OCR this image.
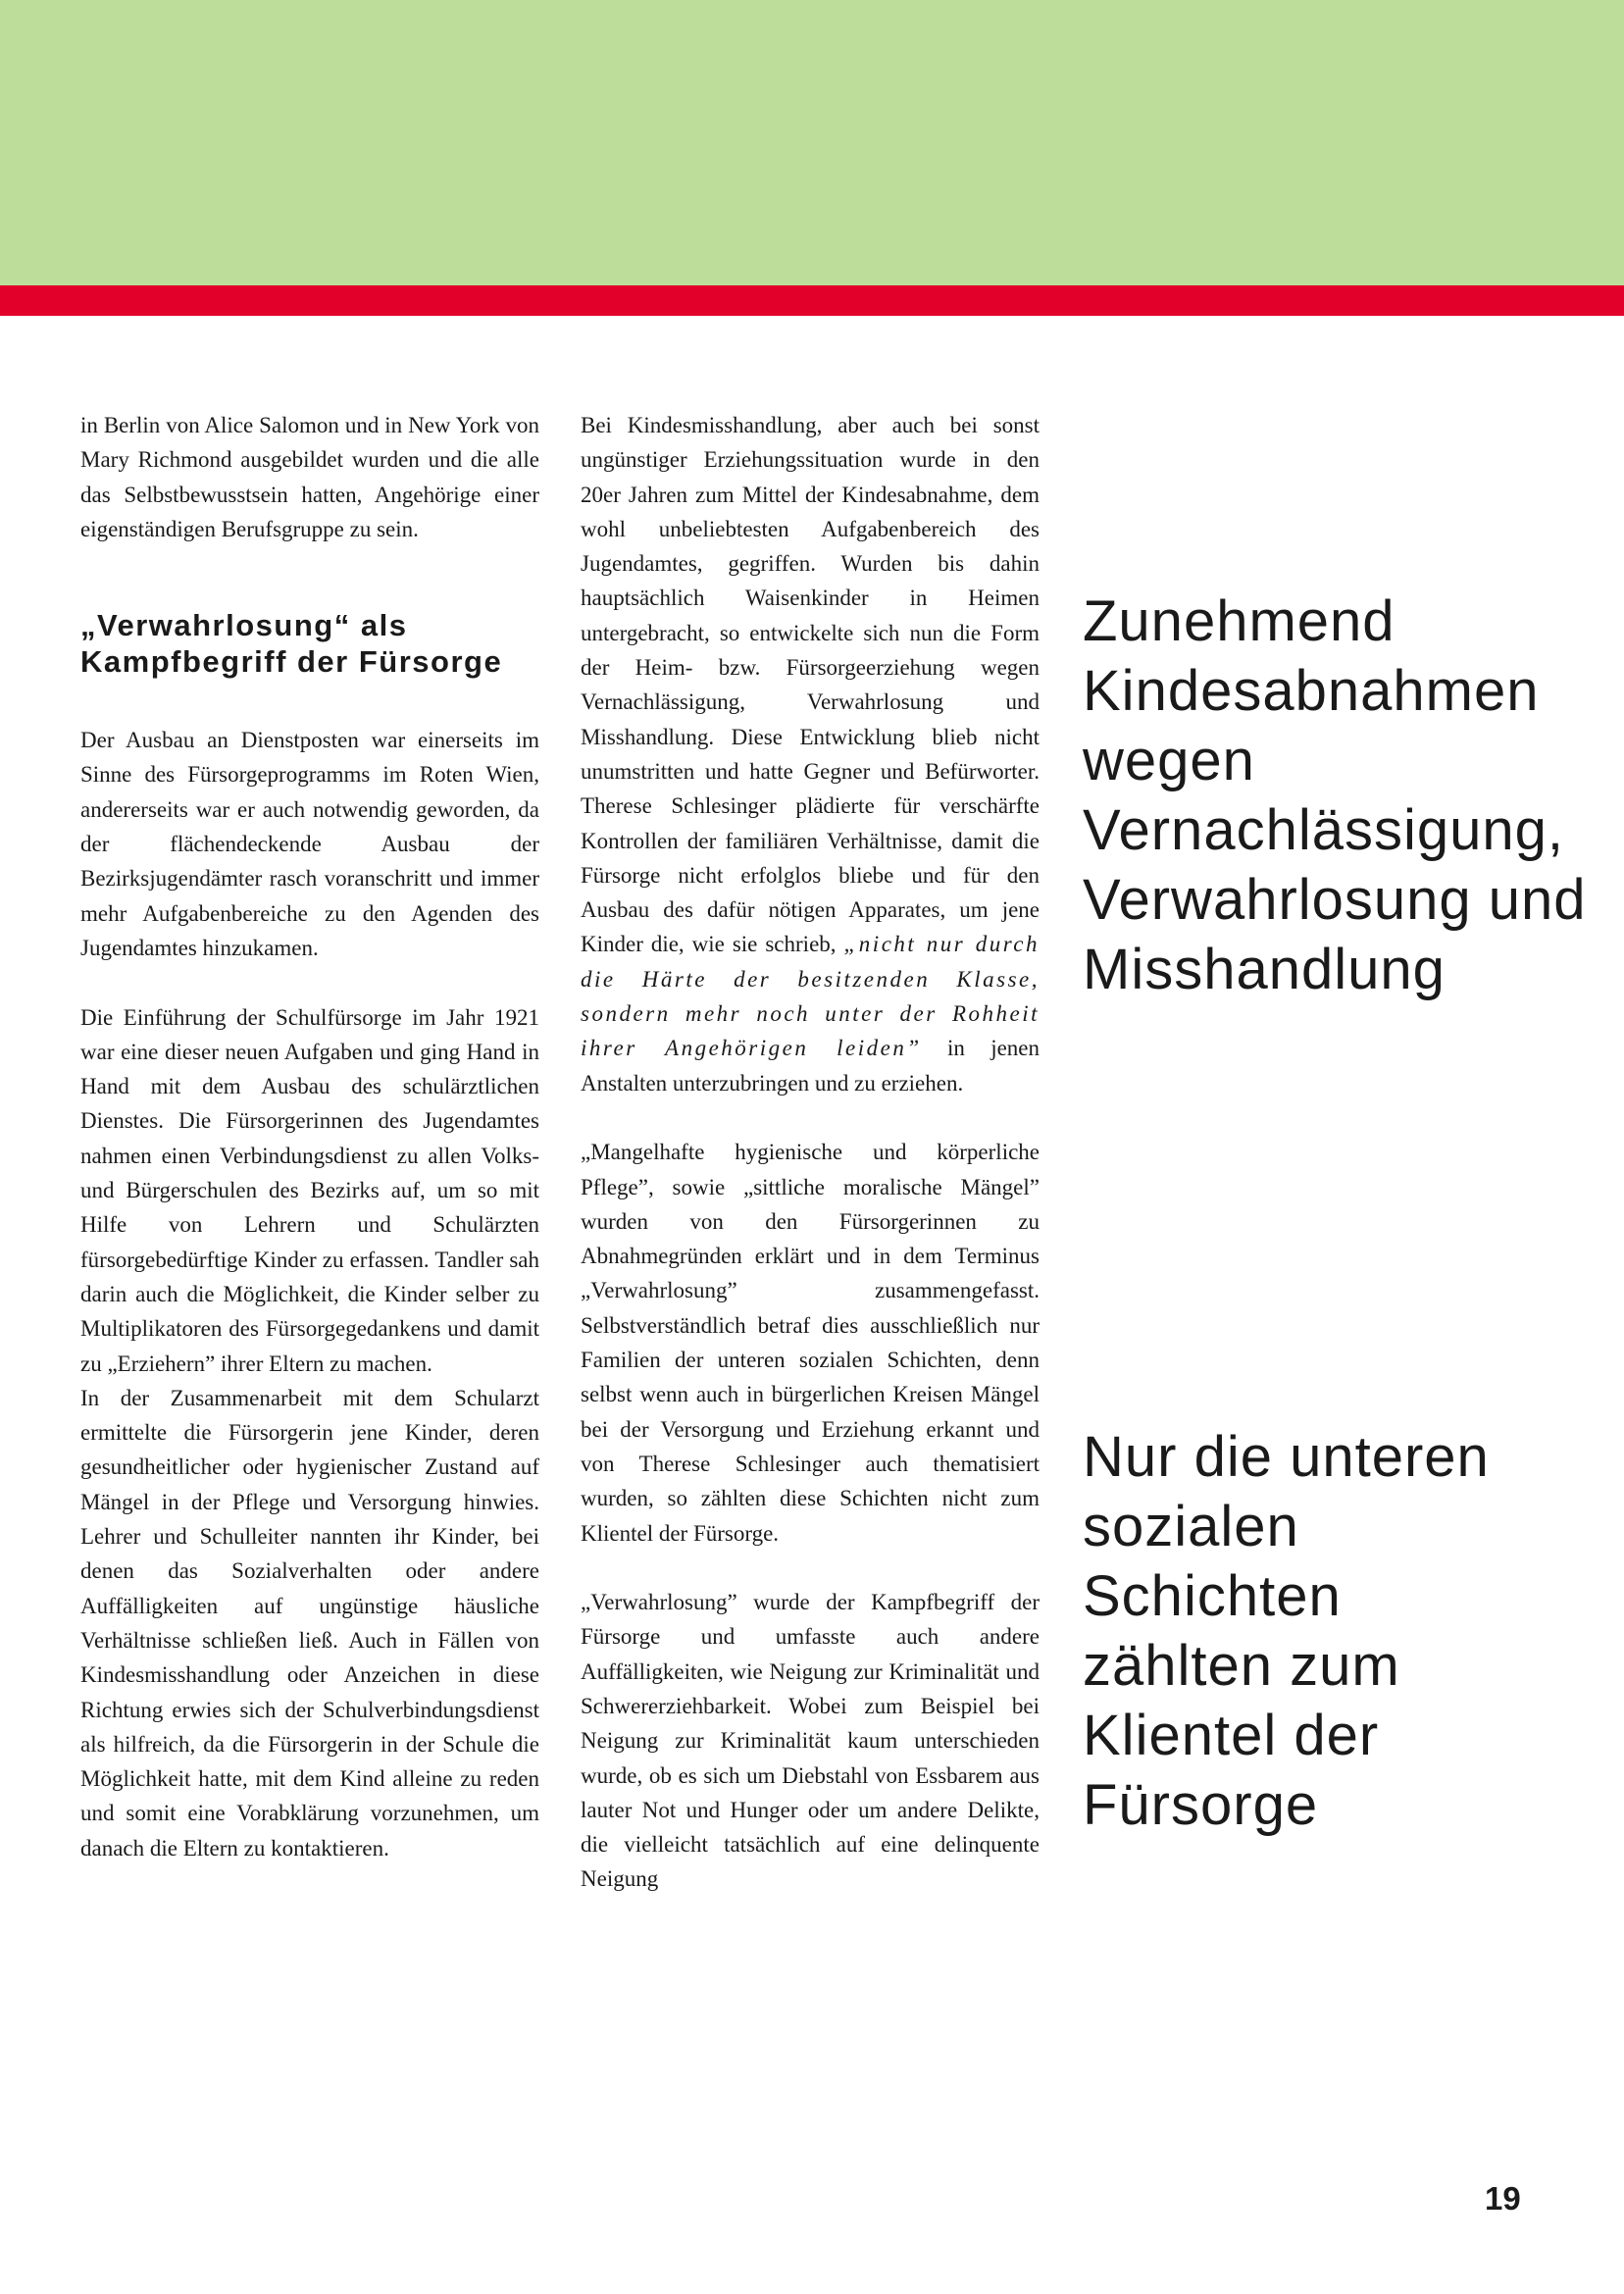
in Berlin von Alice Salomon und in New York von Mary Richmond ausgebildet wurden und die alle das Selbstbewusstsein hatten, Angehörige einer eigenständigen Berufsgruppe zu sein.

„Verwahrlosung“ als
Kampfbegriff der Fürsorge

Der Ausbau an Dienstposten war einerseits im Sinne des Fürsorgeprogramms im Roten Wien, andererseits war er auch notwendig geworden, da der flächendeckende Ausbau der Bezirksjugendämter rasch voranschritt und immer mehr Aufgabenbereiche zu den Agenden des Jugendamtes hinzukamen.

Die Einführung der Schulfürsorge im Jahr 1921 war eine dieser neuen Aufgaben und ging Hand in Hand mit dem Ausbau des schulärztlichen Dienstes. Die Fürsorgerinnen des Jugendamtes nahmen einen Verbindungsdienst zu allen Volks- und Bürgerschulen des Bezirks auf, um so mit Hilfe von Lehrern und Schulärzten fürsorgebedürftige Kinder zu erfassen. Tandler sah darin auch die Möglichkeit, die Kinder selber zu Multiplikatoren des Fürsorgegedankens und damit zu „Erziehern” ihrer Eltern zu machen.

In der Zusammenarbeit mit dem Schularzt ermittelte die Fürsorgerin jene Kinder, deren gesundheitlicher oder hygienischer Zustand auf Mängel in der Pflege und Versorgung hinwies. Lehrer und Schulleiter nannten ihr Kinder, bei denen das Sozialverhalten oder andere Auffälligkeiten auf ungünstige häusliche Verhältnisse schließen ließ. Auch in Fällen von Kindesmisshandlung oder Anzeichen in diese Richtung erwies sich der Schulverbindungsdienst als hilfreich, da die Fürsorgerin in der Schule die Möglichkeit hatte, mit dem Kind alleine zu reden und somit eine Vorabklärung vorzunehmen, um danach die Eltern zu kontaktieren.

Bei Kindesmisshandlung, aber auch bei sonst ungünstiger Erziehungssituation wurde in den 20er Jahren zum Mittel der Kindesabnahme, dem wohl unbeliebtesten Aufgabenbereich des Jugendamtes, gegriffen. Wurden bis dahin hauptsächlich Waisenkinder in Heimen untergebracht, so entwickelte sich nun die Form der Heim- bzw. Fürsorgeerziehung wegen Vernachlässigung, Verwahrlosung und Misshandlung. Diese Entwicklung blieb nicht unumstritten und hatte Gegner und Befürworter. Therese Schlesinger plädierte für verschärfte Kontrollen der familiären Verhältnisse, damit die Fürsorge nicht erfolglos bliebe und für den Ausbau des dafür nötigen Apparates, um jene Kinder die, wie sie schrieb, „nicht nur durch die Härte der besitzenden Klasse, sondern mehr noch unter der Rohheit ihrer Angehörigen leiden” in jenen Anstalten unterzubringen und zu erziehen.

„Mangelhafte hygienische und körperliche Pflege”, sowie „sittliche moralische Mängel” wurden von den Fürsorgerinnen zu Abnahmegründen erklärt und in dem Terminus „Verwahrlosung” zusammengefasst. Selbstverständlich betraf dies ausschließlich nur Familien der unteren sozialen Schichten, denn selbst wenn auch in bürgerlichen Kreisen Mängel bei der Versorgung und Erziehung erkannt und von Therese Schlesinger auch thematisiert wurden, so zählten diese Schichten nicht zum Klientel der Fürsorge.

„Verwahrlosung” wurde der Kampfbegriff der Fürsorge und umfasste auch andere Auffälligkeiten, wie Neigung zur Kriminalität und Schwererziehbarkeit. Wobei zum Beispiel bei Neigung zur Kriminalität kaum unterschieden wurde, ob es sich um Diebstahl von Essbarem aus lauter Not und Hunger oder um andere Delikte, die vielleicht tatsächlich auf eine delinquente Neigung

Zunehmend
Kindesabnahmen
wegen
Vernachlässigung,
Verwahrlosung und
Misshandlung
Nur die unteren
sozialen
Schichten
zählten zum
Klientel der
Fürsorge
19
